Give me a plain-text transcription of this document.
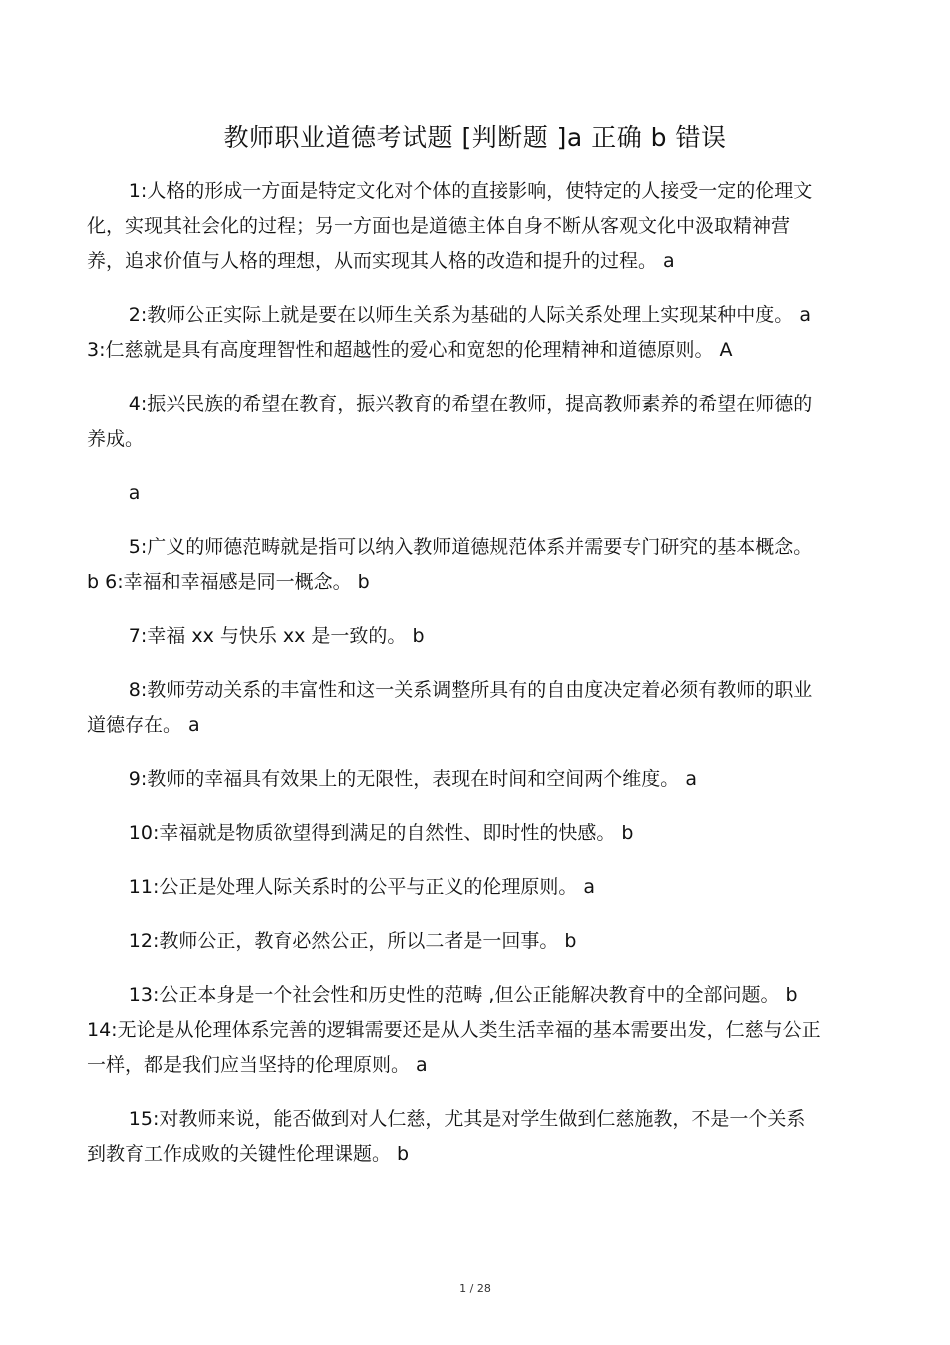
教师职业道德考试题 [判断题 ]a 正确 b 错误

1:人格的形成一方面是特定文化对个体的直接影响，使特定的人接受一定的伦理文化，实现其社会化的过程；另一方面也是道德主体自身不断从客观文化中汲取精神营养，追求价值与人格的理想，从而实现其人格的改造和提升的过程。 a

2:教师公正实际上就是要在以师生关系为基础的人际关系处理上实现某种中度。 a 3:仁慈就是具有高度理智性和超越性的爱心和宽恕的伦理精神和道德原则。 A

4:振兴民族的希望在教育，振兴教育的希望在教师，提高教师素养的希望在师德的养成。

a

5:广义的师德范畴就是指可以纳入教师道德规范体系并需要专门研究的基本概念。 b 6:幸福和幸福感是同一概念。 b

7:幸福 xx 与快乐 xx 是一致的。 b

8:教师劳动关系的丰富性和这一关系调整所具有的自由度决定着必须有教师的职业道德存在。 a

9:教师的幸福具有效果上的无限性，表现在时间和空间两个维度。 a

10:幸福就是物质欲望得到满足的自然性、即时性的快感。 b

11:公正是处理人际关系时的公平与正义的伦理原则。 a

12:教师公正，教育必然公正，所以二者是一回事。 b

13:公正本身是一个社会性和历史性的范畴 ,但公正能解决教育中的全部问题。 b 14:无论是从伦理体系完善的逻辑需要还是从人类生活幸福的基本需要出发，仁慈与公正一样，都是我们应当坚持的伦理原则。 a

15:对教师来说，能否做到对人仁慈，尤其是对学生做到仁慈施教，不是一个关系到教育工作成败的关键性伦理课题。 b

1 / 28
